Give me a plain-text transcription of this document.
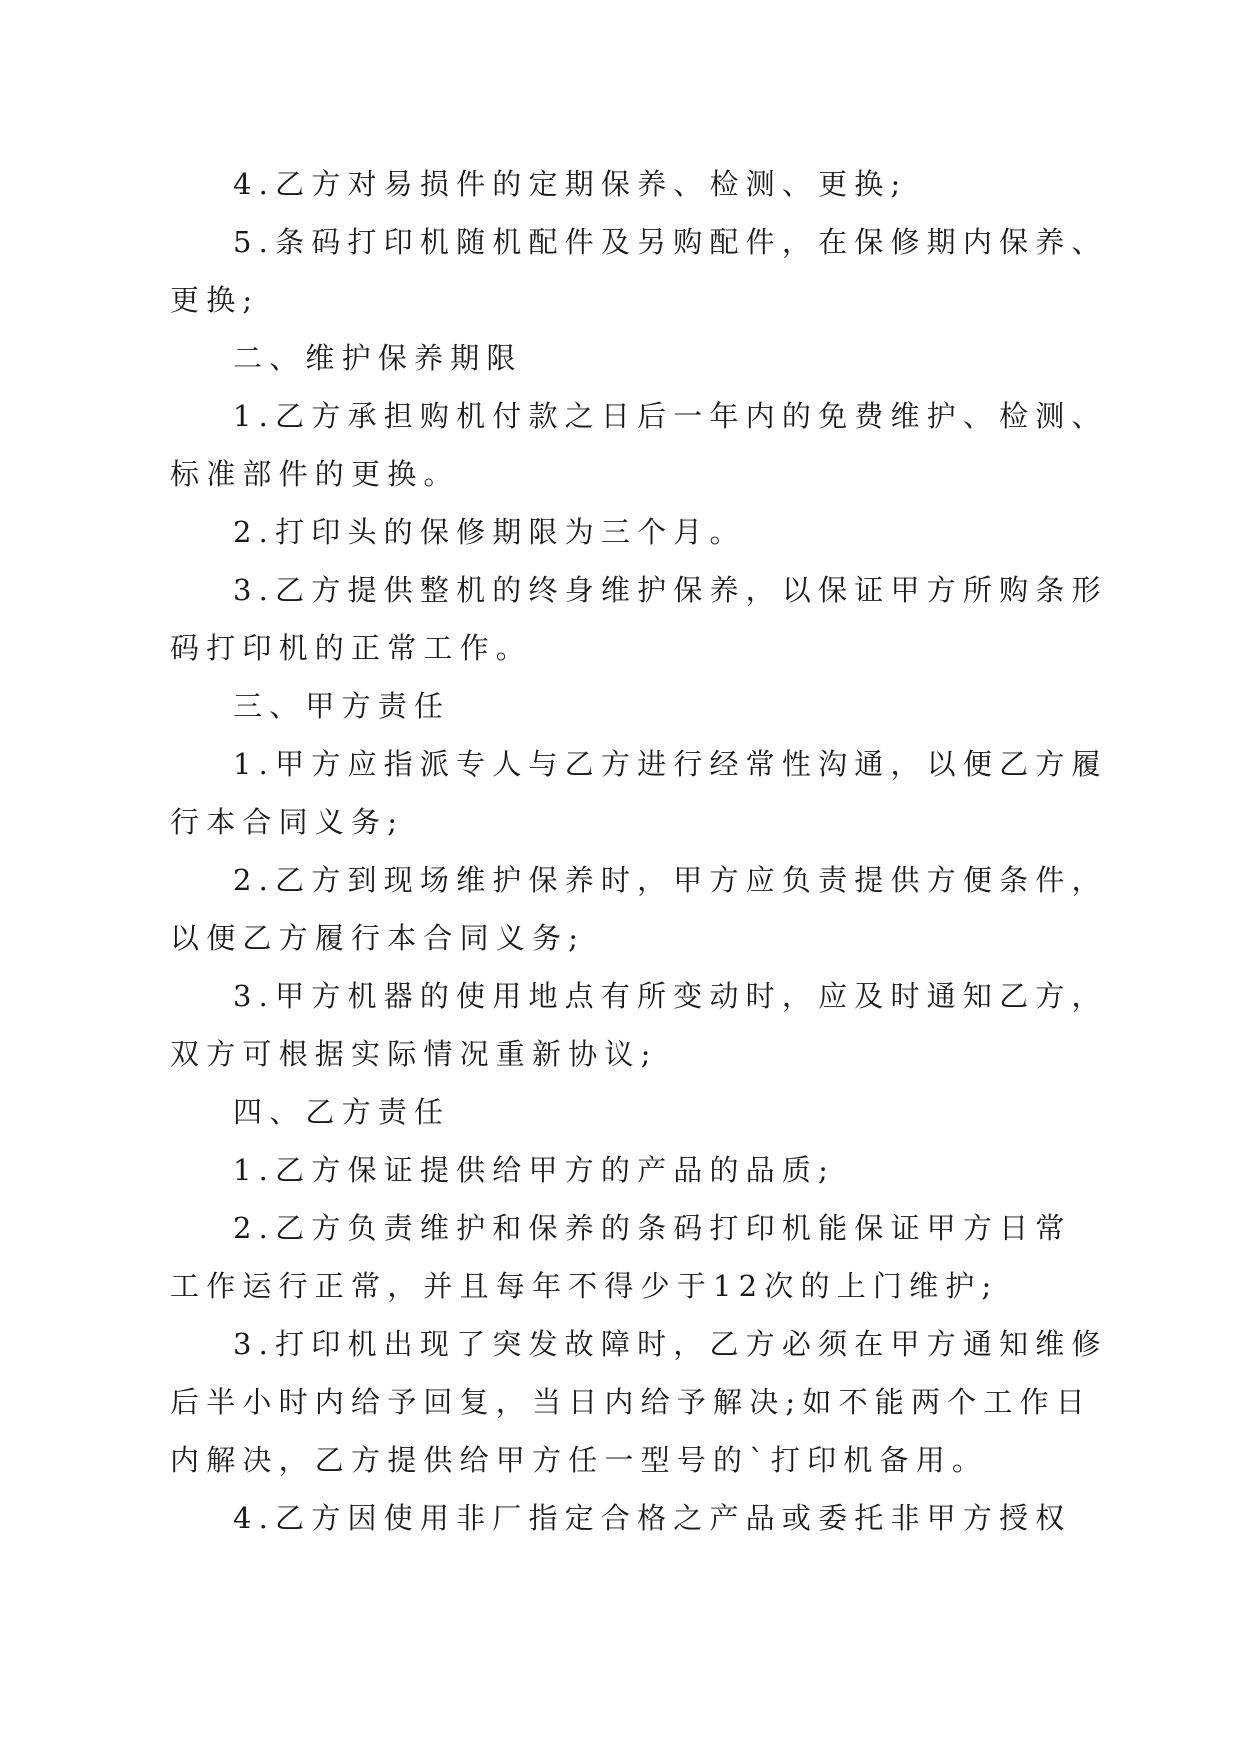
4.乙方对易损件的定期保养、检测、更换;
5.条码打印机随机配件及另购配件，在保修期内保养、
更换;
二、维护保养期限
1.乙方承担购机付款之日后一年内的免费维护、检测、
标准部件的更换。
2.打印头的保修期限为三个月。
3.乙方提供整机的终身维护保养，以保证甲方所购条形
码打印机的正常工作。
三、甲方责任
1.甲方应指派专人与乙方进行经常性沟通，以便乙方履
行本合同义务;
2.乙方到现场维护保养时，甲方应负责提供方便条件，
以便乙方履行本合同义务;
3.甲方机器的使用地点有所变动时，应及时通知乙方，
双方可根据实际情况重新协议;
四、乙方责任
1.乙方保证提供给甲方的产品的品质;
2.乙方负责维护和保养的条码打印机能保证甲方日常
工作运行正常，并且每年不得少于12次的上门维护;
3.打印机出现了突发故障时，乙方必须在甲方通知维修
后半小时内给予回复，当日内给予解决;如不能两个工作日
内解决，乙方提供给甲方任一型号的`打印机备用。
4.乙方因使用非厂指定合格之产品或委托非甲方授权
